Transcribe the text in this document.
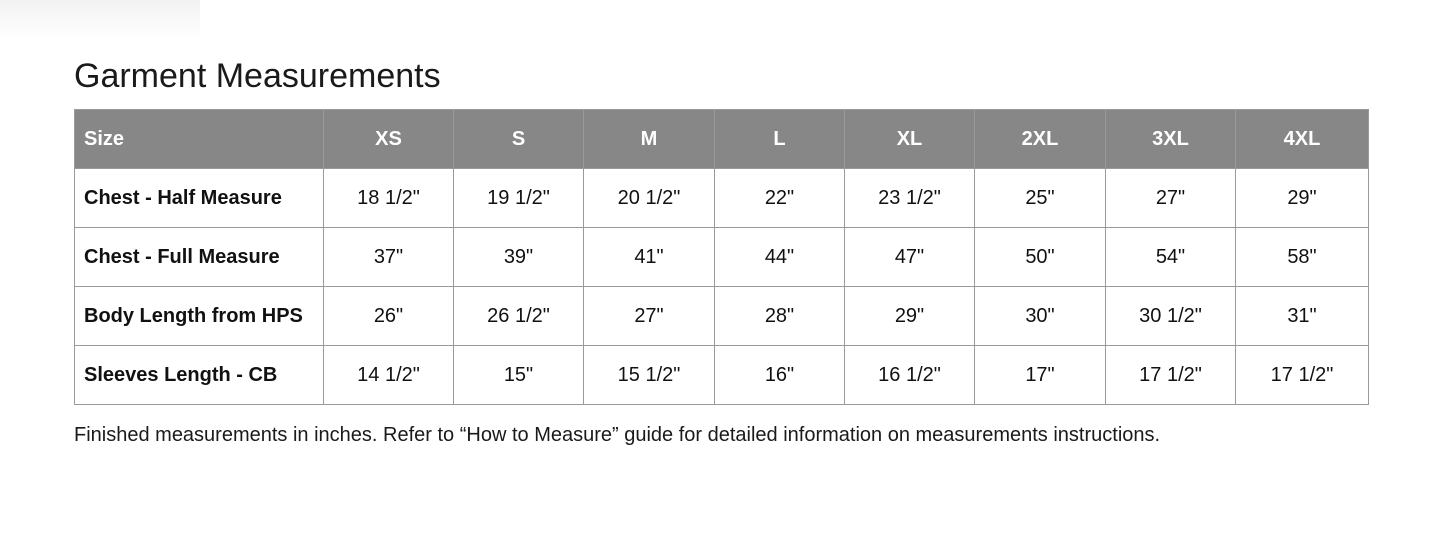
Garment Measurements
Size	XS	S	M	L	XL	2XL	3XL	4XL
Chest - Half Measure	18 1/2"	19 1/2"	20 1/2"	22"	23 1/2"	25"	27"	29"
Chest - Full Measure	37"	39"	41"	44"	47"	50"	54"	58"
Body Length from HPS	26"	26 1/2"	27"	28"	29"	30"	30 1/2"	31"
Sleeves Length - CB	14 1/2"	15"	15 1/2"	16"	16 1/2"	17"	17 1/2"	17 1/2"

Finished measurements in inches. Refer to “How to Measure” guide for detailed information on measurements instructions.
